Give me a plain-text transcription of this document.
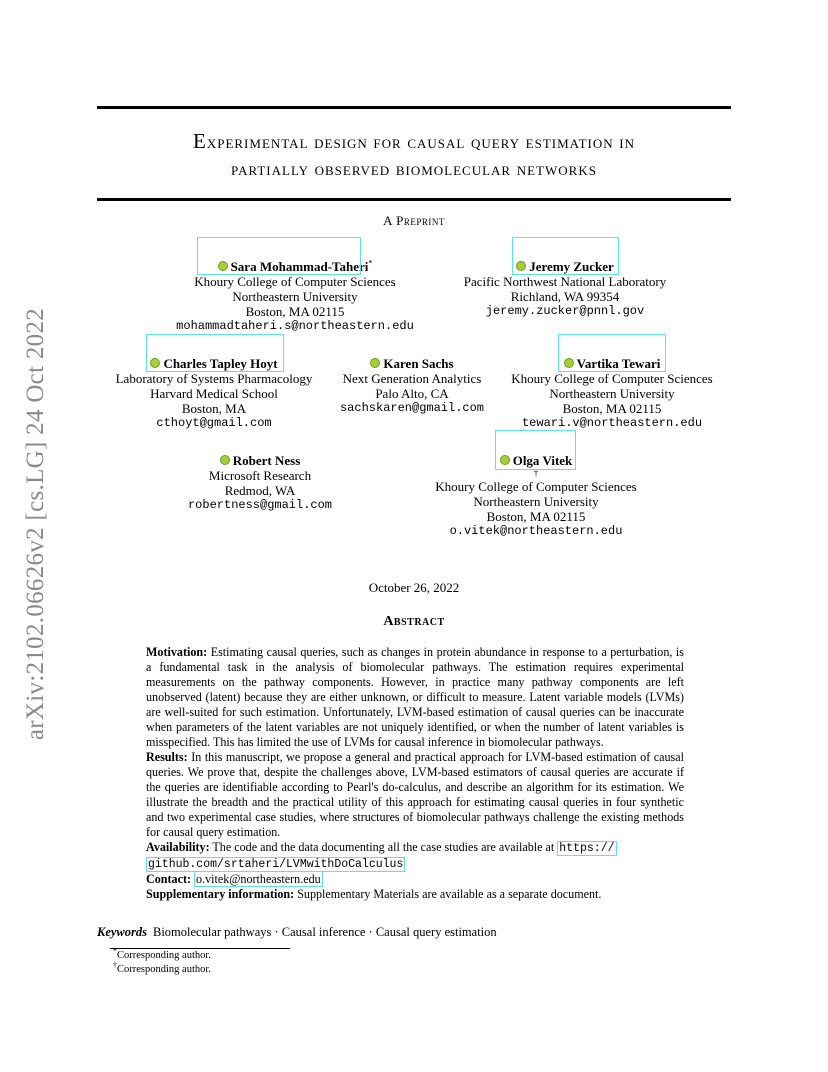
arXiv:2102.06626v2 [cs.LG] 24 Oct 2022
Experimental design for causal query estimation in
partially observed biomolecular networks
A Preprint
Sara Mohammad-Taheri*
Khoury College of Computer Sciences
Northeastern University
Boston, MA 02115
mohammadtaheri.s@northeastern.edu
Jeremy Zucker
Pacific Northwest National Laboratory
Richland, WA 99354
jeremy.zucker@pnnl.gov
Charles Tapley Hoyt
Laboratory of Systems Pharmacology
Harvard Medical School
Boston, MA
cthoyt@gmail.com
Karen Sachs
Next Generation Analytics
Palo Alto, CA
sachskaren@gmail.com
Vartika Tewari
Khoury College of Computer Sciences
Northeastern University
Boston, MA 02115
tewari.v@northeastern.edu
Robert Ness
Microsoft Research
Redmod, WA
robertness@gmail.com
Olga Vitek
†
Khoury College of Computer Sciences
Northeastern University
Boston, MA 02115
o.vitek@northeastern.edu
October 26, 2022
Abstract

Motivation: Estimating causal queries, such as changes in protein abundance in response to a perturbation, is a fundamental task in the analysis of biomolecular pathways. The estimation requires experimental measurements on the pathway components. However, in practice many pathway components are left unobserved (latent) because they are either unknown, or difficult to measure. Latent variable models (LVMs) are well-suited for such estimation. Unfortunately, LVM-based estimation of causal queries can be inaccurate when parameters of the latent variables are not uniquely identified, or when the number of latent variables is misspecified. This has limited the use of LVMs for causal inference in biomolecular pathways.

Results: In this manuscript, we propose a general and practical approach for LVM-based estimation of causal queries. We prove that, despite the challenges above, LVM-based estimators of causal queries are accurate if the queries are identifiable according to Pearl's do-calculus, and describe an algorithm for its estimation. We illustrate the breadth and the practical utility of this approach for estimating causal queries in four synthetic and two experimental case studies, where structures of biomolecular pathways challenge the existing methods for causal query estimation.

Availability: The code and the data documenting all the case studies are available at https://
github.com/srtaheri/LVMwithDoCalculus

Contact: o.vitek@northeastern.edu

Supplementary information: Supplementary Materials are available as a separate document.

Keywords Biomolecular pathways · Causal inference · Causal query estimation
*Corresponding author.
†Corresponding author.
